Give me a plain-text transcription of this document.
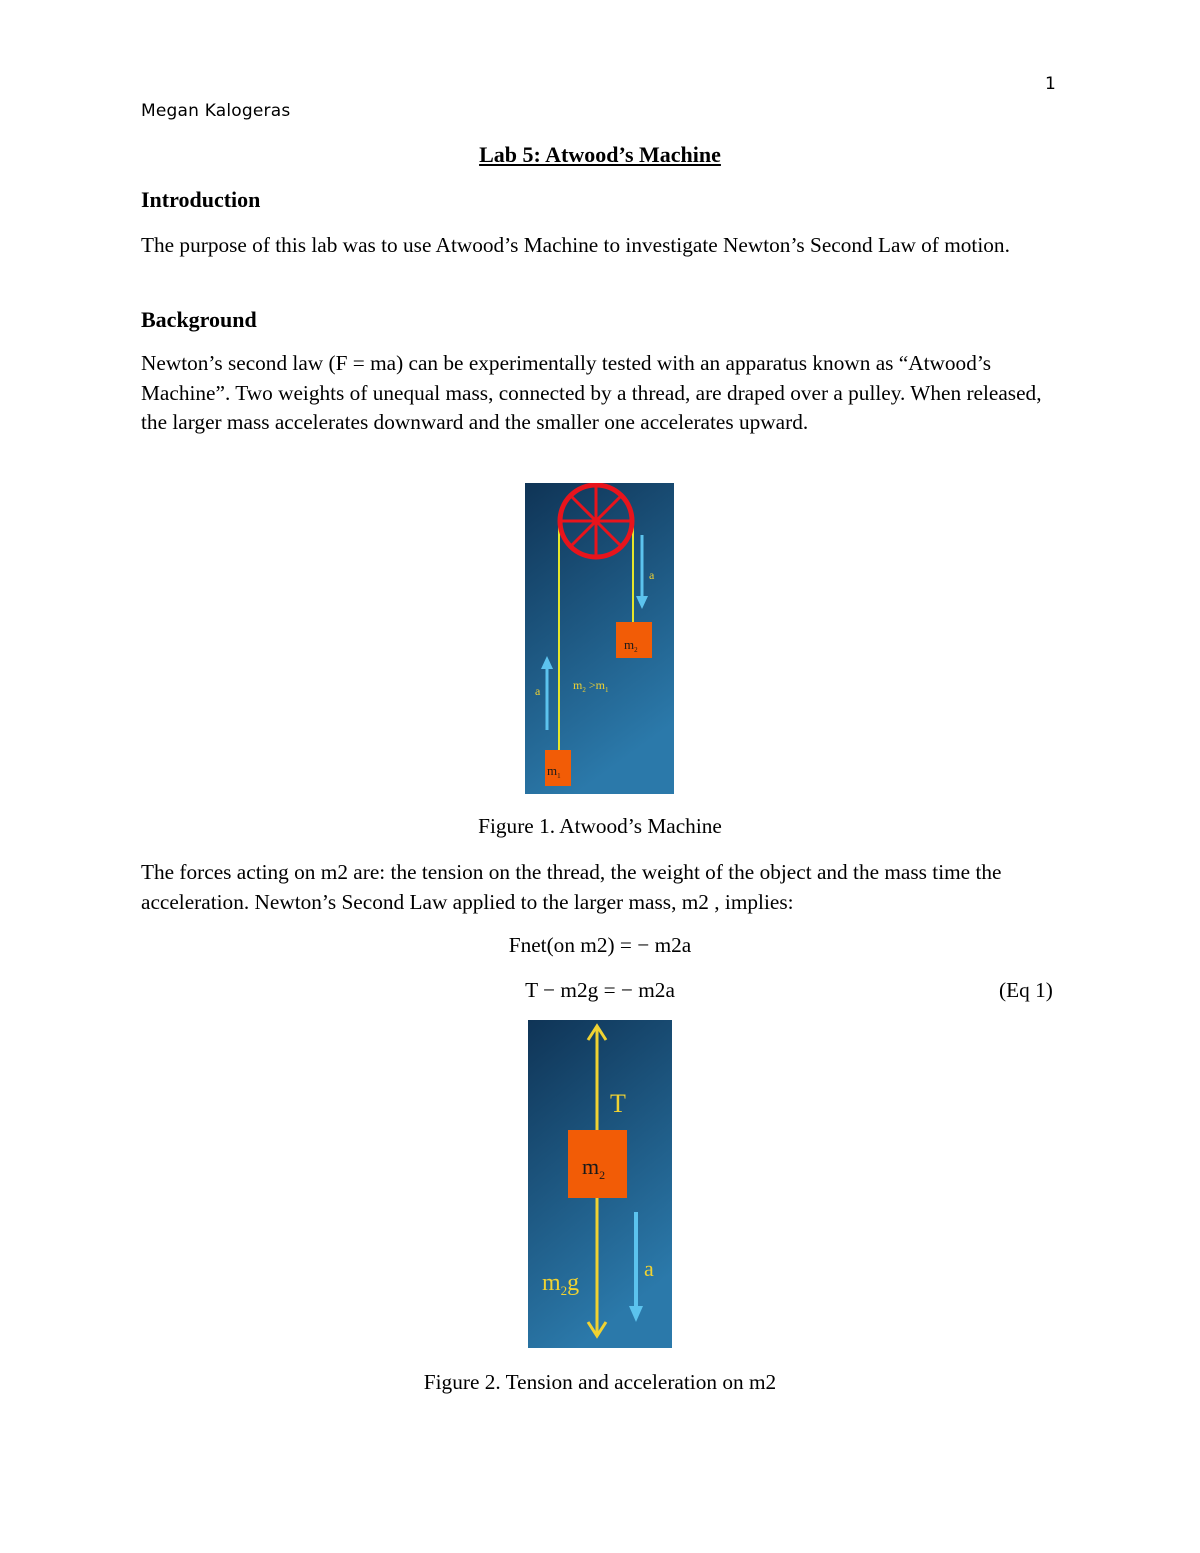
1
Megan Kalogeras
Lab 5: Atwood’s Machine
Introduction
The purpose of this lab was to use Atwood’s Machine to investigate Newton’s Second Law of motion.
Background
Newton’s second law (F = ma) can be experimentally tested with an apparatus known as “Atwood’s Machine”. Two weights of unequal mass, connected by a thread, are draped over a pulley. When released, the larger mass accelerates downward and the smaller one accelerates upward.
a
$m_2$
a	$m_2 >m_1$
$m_1$
Figure 1. Atwood’s Machine
The forces acting on m2 are: the tension on the thread, the weight of the object and the mass time the acceleration. Newton’s Second Law applied to the larger mass, m2 , implies:
Fnet(on m2) = − m2a
T − m2g = − m2a	(Eq 1)
T
$m_2$
$m_2g$
a
Figure 2. Tension and acceleration on m2
